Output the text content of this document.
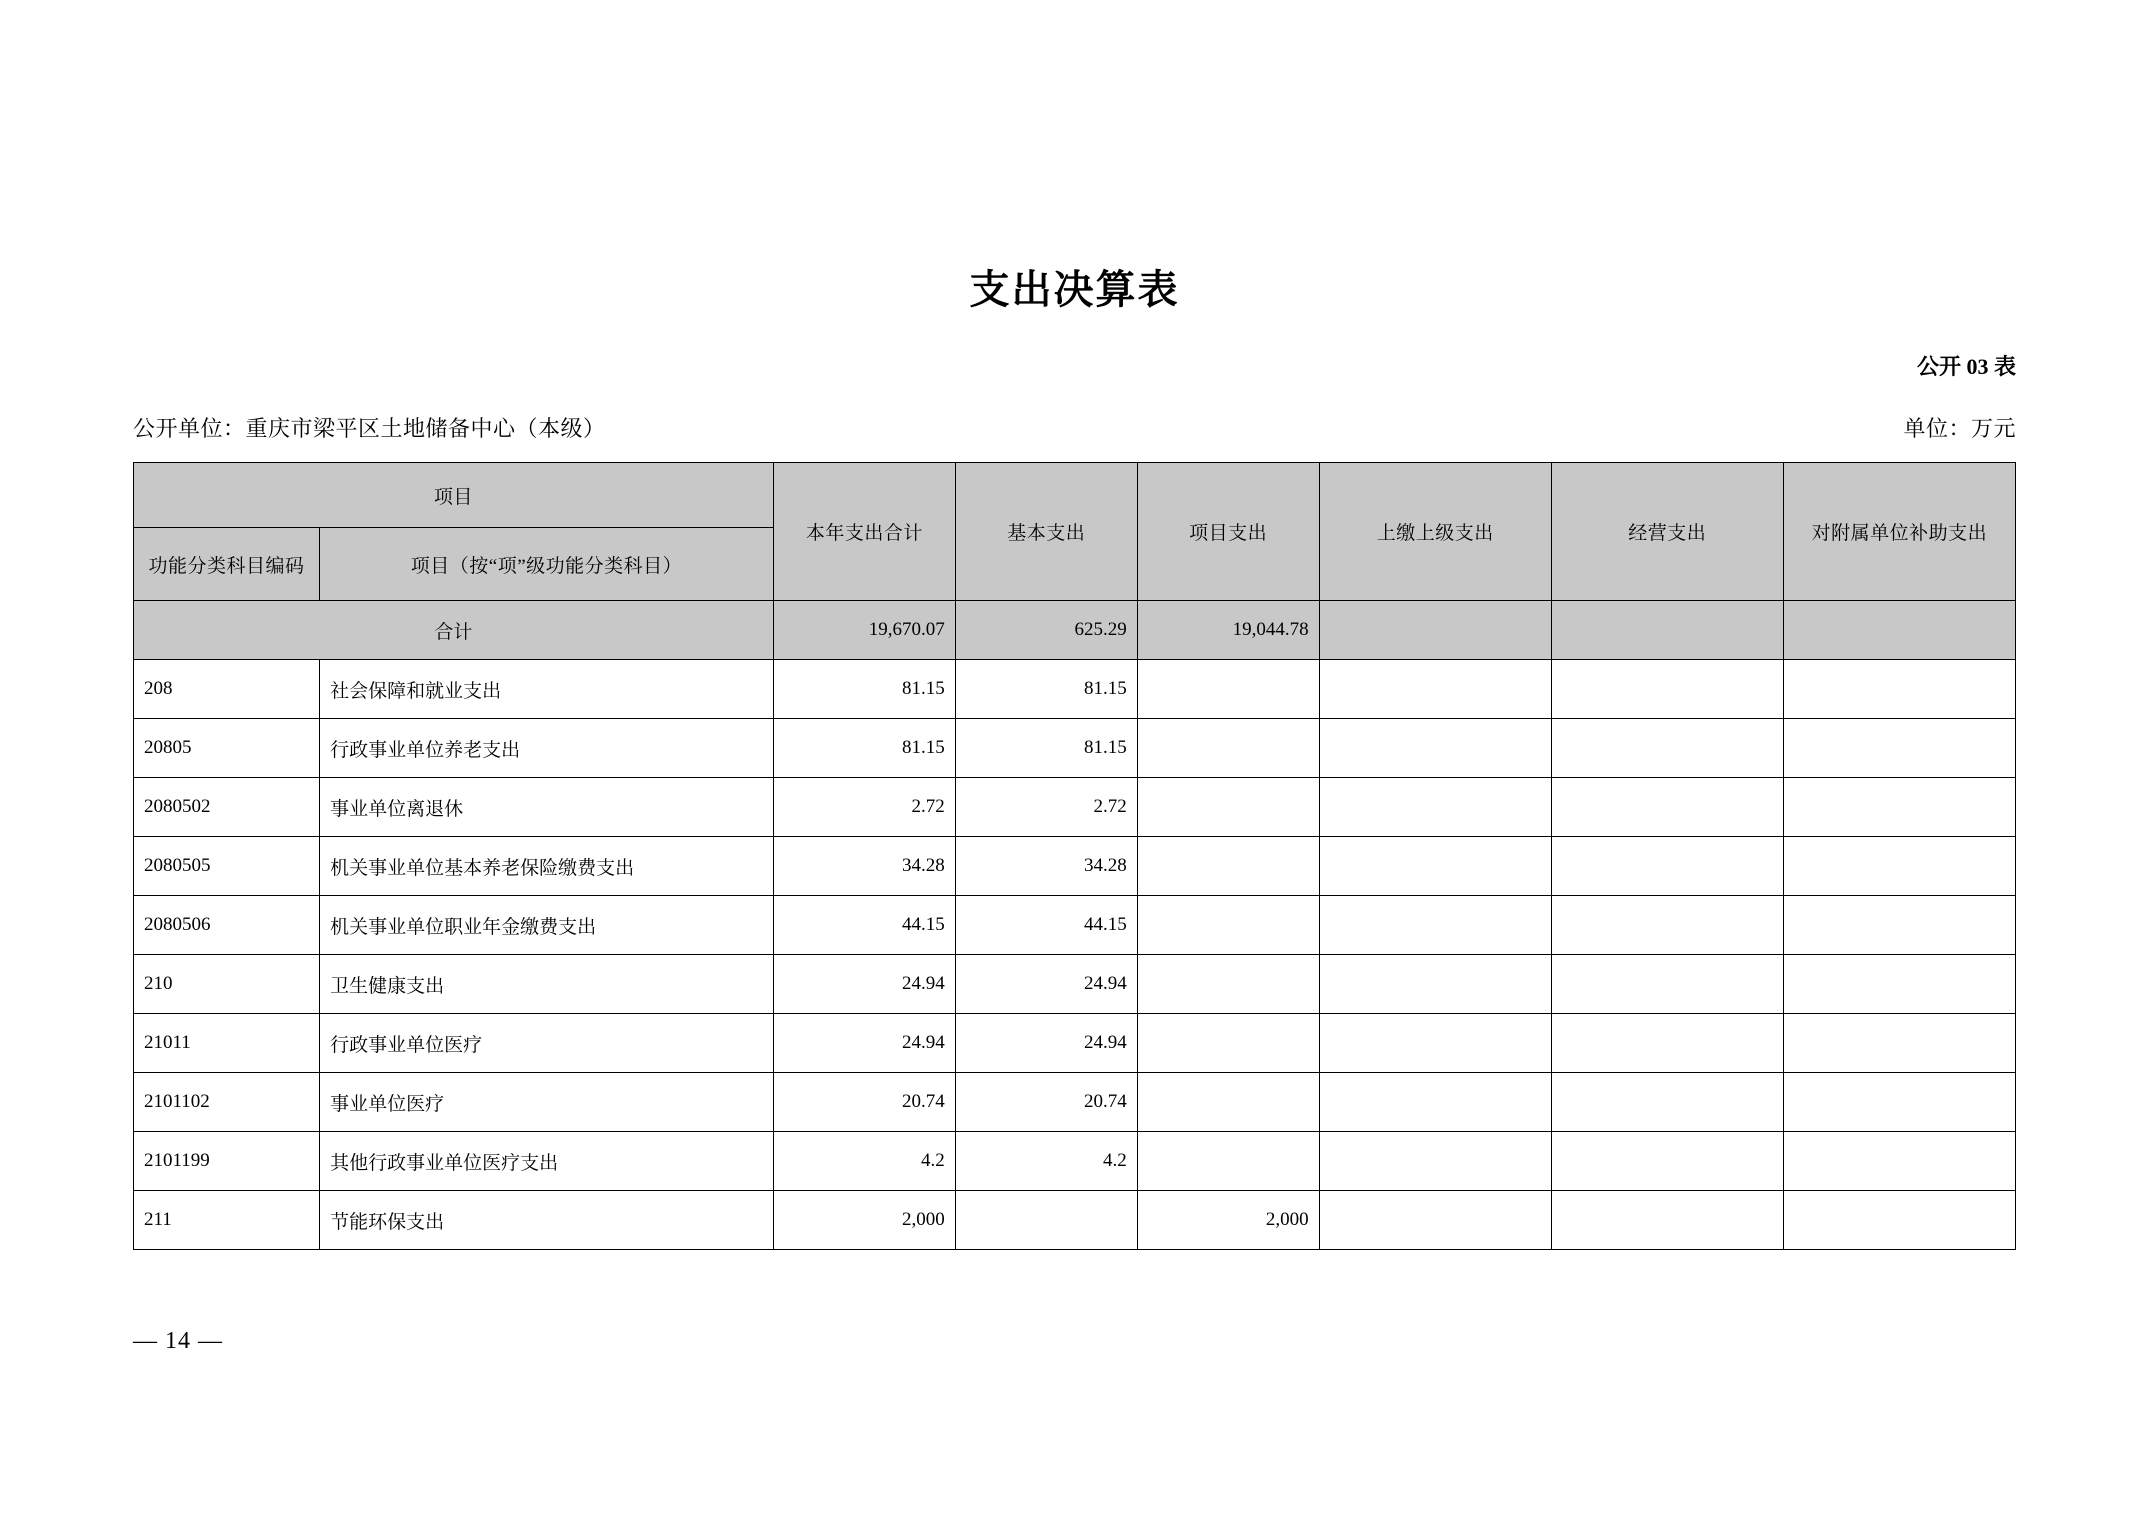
支出决算表
公开 03 表
公开单位：重庆市梁平区土地储备中心（本级）	单位：万元
项目		本年支出合计	基本支出	项目支出	上缴上级支出	经营支出	对附属单位补助支出
功能分类科目编码	项目（按“项”级功能分类科目）						
合计		19,670.07	625.29	19,044.78			
208	社会保障和就业支出	81.15	81.15				
20805	行政事业单位养老支出	81.15	81.15				
2080502	事业单位离退休	2.72	2.72				
2080505	机关事业单位基本养老保险缴费支出	34.28	34.28				
2080506	机关事业单位职业年金缴费支出	44.15	44.15				
210	卫生健康支出	24.94	24.94				
21011	行政事业单位医疗	24.94	24.94				
2101102	事业单位医疗	20.74	20.74				
2101199	其他行政事业单位医疗支出	4.2	4.2				
211	节能环保支出	2,000		2,000			
— 14 —
